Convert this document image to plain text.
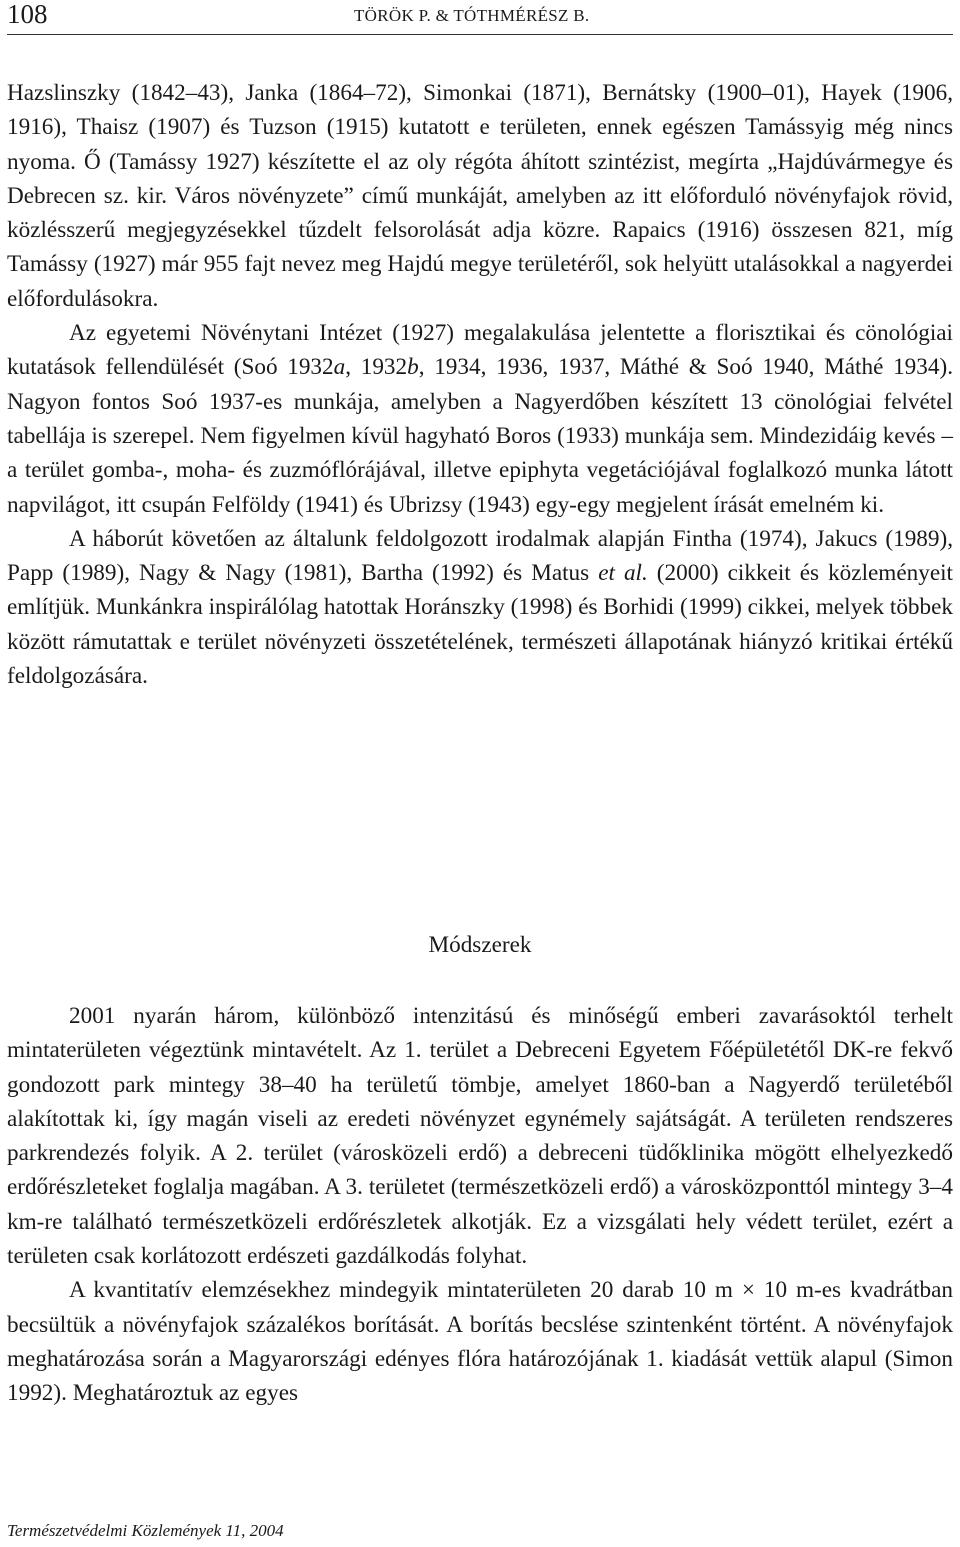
108	TÖRÖK P. & TÓTHMÉRÉSZ B.

Hazslinszky (1842–43), Janka (1864–72), Simonkai (1871), Bernátsky (1900–01), Hayek (1906, 1916), Thaisz (1907) és Tuzson (1915) kutatott e területen, ennek egészen Tamássyig még nincs nyoma. Ő (Tamássy 1927) készítette el az oly régóta áhított szintézist, megírta „Hajdúvármegye és Debrecen sz. kir. Város növényzete” című munkáját, amelyben az itt előforduló növényfajok rövid, közlésszerű megjegyzésekkel tűzdelt felsorolását adja közre. Rapaics (1916) összesen 821, míg Tamássy (1927) már 955 fajt nevez meg Hajdú megye területéről, sok helyütt utalásokkal a nagyerdei előfordulásokra.

Az egyetemi Növénytani Intézet (1927) megalakulása jelentette a florisztikai és cönológiai kutatások fellendülését (Soó 1932a, 1932b, 1934, 1936, 1937, Máthé & Soó 1940, Máthé 1934). Nagyon fontos Soó 1937-es munkája, amelyben a Nagyerdőben készített 13 cönológiai felvétel tabellája is szerepel. Nem figyelmen kívül hagyható Boros (1933) munkája sem. Mindezidáig kevés – a terület gomba-, moha- és zuzmóflórájával, illetve epiphyta vegetációjával foglalkozó munka látott napvilágot, itt csupán Felföldy (1941) és Ubrizsy (1943) egy-egy megjelent írását emelném ki.

A háborút követően az általunk feldolgozott irodalmak alapján Fintha (1974), Jakucs (1989), Papp (1989), Nagy & Nagy (1981), Bartha (1992) és Matus et al. (2000) cikkeit és közleményeit említjük. Munkánkra inspirálólag hatottak Horánszky (1998) és Borhidi (1999) cikkei, melyek többek között rámutattak e terület növényzeti összetételének, természeti állapotának hiányzó kritikai értékű feldolgozására.

Módszerek

2001 nyarán három, különböző intenzitású és minőségű emberi zavarásoktól terhelt mintaterületen végeztünk mintavételt. Az 1. terület a Debreceni Egyetem Főépületétől DK-re fekvő gondozott park mintegy 38–40 ha területű tömbje, amelyet 1860-ban a Nagyerdő területéből alakítottak ki, így magán viseli az eredeti növényzet egynémely sajátságát. A területen rendszeres parkrendezés folyik. A 2. terület (városközeli erdő) a debreceni tüdőklinika mögött elhelyezkedő erdőrészleteket foglalja magában. A 3. területet (természetközeli erdő) a városközponttól mintegy 3–4 km-re található természetközeli erdőrészletek alkotják. Ez a vizsgálati hely védett terület, ezért a területen csak korlátozott erdészeti gazdálkodás folyhat.

A kvantitatív elemzésekhez mindegyik mintaterületen 20 darab 10 m × 10 m-es kvadrátban becsültük a növényfajok százalékos borítását. A borítás becslése szintenként történt. A növényfajok meghatározása során a Magyarországi edényes flóra határozójának 1. kiadását vettük alapul (Simon 1992). Meghatároztuk az egyes

Természetvédelmi Közlemények 11, 2004
